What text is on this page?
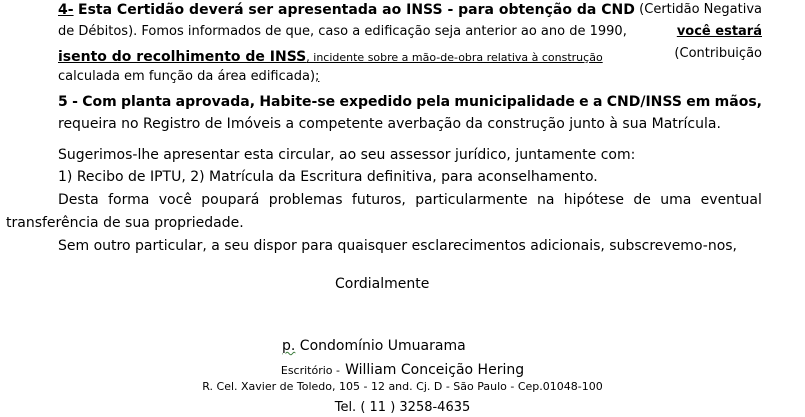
4- Esta Certidão deverá ser apresentada ao INSS - para obtenção da CND (Certidão Negativa
de Débitos). Fomos informados de que, caso a edificação seja anterior ao ano de 1990,	você estará
isento do recolhimento de INSS, incidente sobre a mão-de-obra relativa à construção	(Contribuição
calculada em função da área edificada);
5 - Com planta aprovada, Habite-se expedido pela municipalidade e a CND/INSS em mãos,
requeira no Registro de Imóveis a competente averbação da construção junto à sua Matrícula.
Sugerimos-lhe apresentar esta circular, ao seu assessor jurídico, juntamente com:
1) Recibo de IPTU, 2) Matrícula da Escritura definitiva, para aconselhamento.
Desta forma você poupará problemas futuros, particularmente na hipótese de uma eventual
transferência de sua propriedade.
Sem outro particular, a seu dispor para quaisquer esclarecimentos adicionais, subscrevemo-nos,
Cordialmente
p. Condomínio Umuarama
Escritório - William Conceição Hering
R. Cel. Xavier de Toledo, 105 - 12 and. Cj. D - São Paulo - Cep.01048-100
Tel. ( 11 ) 3258-4635
